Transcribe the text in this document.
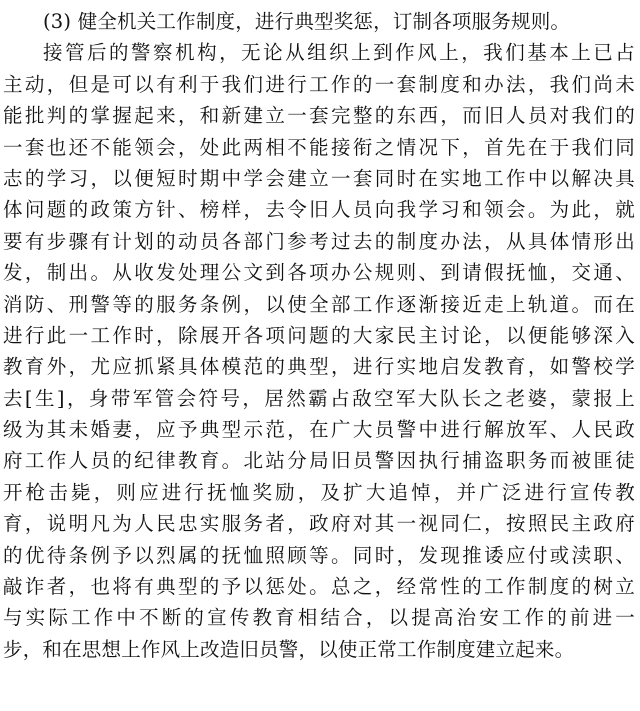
(3) 健全机关工作制度，进行典型奖惩，订制各项服务规则。
接管后的警察机构，无论从组织上到作风上，我们基本上已占
主动，但是可以有利于我们进行工作的一套制度和办法，我们尚未
能批判的掌握起来，和新建立一套完整的东西，而旧人员对我们的
一套也还不能领会，处此两相不能接衔之情况下，首先在于我们同
志的学习，以便短时期中学会建立一套同时在实地工作中以解决具
体问题的政策方针、榜样，去令旧人员向我学习和领会。为此，就
要有步骤有计划的动员各部门参考过去的制度办法，从具体情形出
发，制出。从收发处理公文到各项办公规则、到请假抚恤，交通、
消防、刑警等的服务条例，以使全部工作逐渐接近走上轨道。而在
进行此一工作时，除展开各项问题的大家民主讨论，以便能够深入
教育外，尤应抓紧具体模范的典型，进行实地启发教育，如警校学
去[生]，身带军管会符号，居然霸占敌空军大队长之老婆，蒙报上
级为其未婚妻，应予典型示范，在广大员警中进行解放军、人民政
府工作人员的纪律教育。北站分局旧员警因执行捕盗职务而被匪徒
开枪击毙，则应进行抚恤奖励，及扩大追悼，并广泛进行宣传教
育，说明凡为人民忠实服务者，政府对其一视同仁，按照民主政府
的优待条例予以烈属的抚恤照顾等。同时，发现推诿应付或渎职、
敲诈者，也将有典型的予以惩处。总之，经常性的工作制度的树立
与实际工作中不断的宣传教育相结合，以提高治安工作的前进一
步，和在思想上作风上改造旧员警，以使正常工作制度建立起来。
